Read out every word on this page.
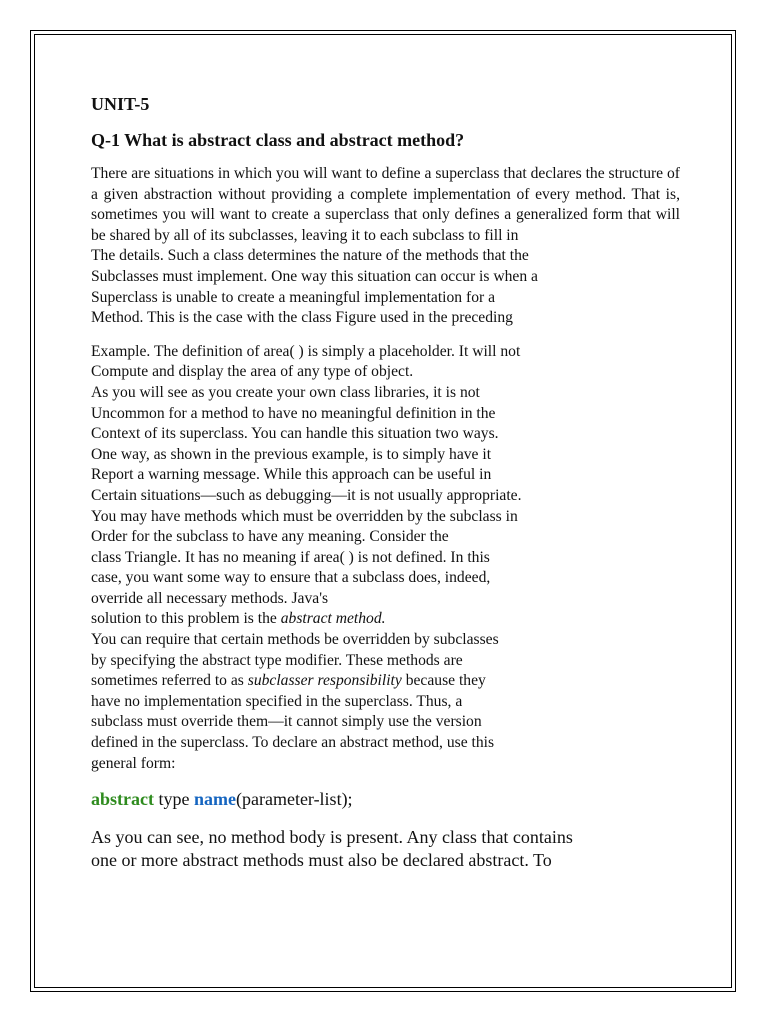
UNIT-5
Q-1 What is abstract class and abstract method?

There are situations in which you will want to define a superclass that declares the structure of a given abstraction without providing a complete implementation of every method. That is, sometimes you will want to create a superclass that only defines a generalized form that will be shared by all of its subclasses, leaving it to each subclass to fill in

The details. Such a class determines the nature of the methods that the
Subclasses must implement. One way this situation can occur is when a
Superclass is unable to create a meaningful implementation for a
Method. This is the case with the class Figure used in the preceding
Example. The definition of area( ) is simply a placeholder. It will not
Compute and display the area of any type of object.
As you will see as you create your own class libraries, it is not
Uncommon for a method to have no meaningful definition in the
Context of its superclass. You can handle this situation two ways.
One way, as shown in the previous example, is to simply have it
Report a warning message. While this approach can be useful in
Certain situations—such as debugging—it is not usually appropriate.
You may have methods which must be overridden by the subclass in
Order for the subclass to have any meaning. Consider the
class Triangle. It has no meaning if area( ) is not defined. In this
case, you want some way to ensure that a subclass does, indeed,
override all necessary methods. Java's
solution to this problem is the abstract method.
You can require that certain methods be overridden by subclasses
by specifying the abstract type modifier. These methods are
sometimes referred to as subclasser responsibility because they
have no implementation specified in the superclass. Thus, a
subclass must override them—it cannot simply use the version
defined in the superclass. To declare an abstract method, use this
general form:
abstract type name(parameter-list);
As you can see, no method body is present. Any class that contains
one or more abstract methods must also be declared abstract. To
